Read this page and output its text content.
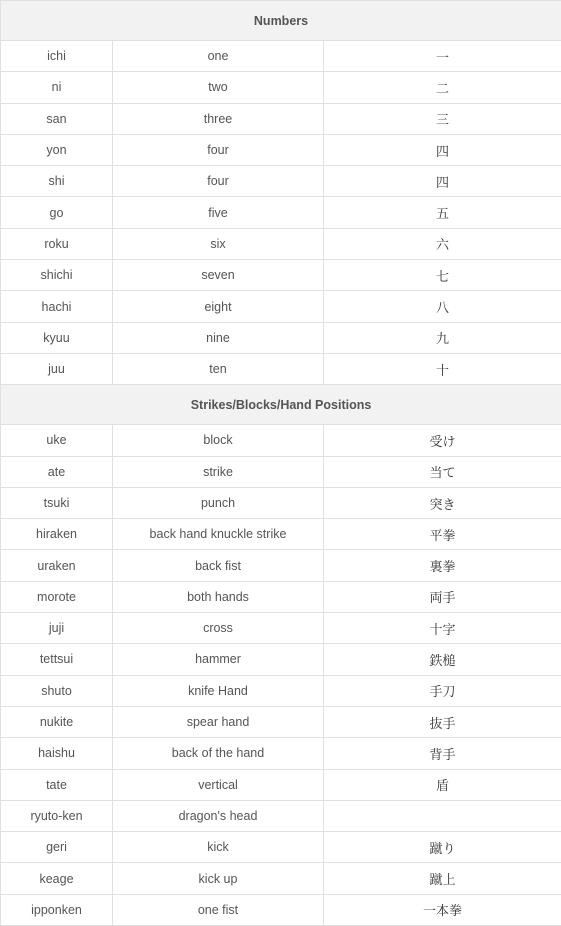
Numbers		
ichi	one	一
ni	two	二
san	three	三
yon	four	四
shi	four	四
go	five	五
roku	six	六
shichi	seven	七
hachi	eight	八
kyuu	nine	九
juu	ten	十
Strikes/Blocks/Hand Positions		
uke	block	受け
ate	strike	当て
tsuki	punch	突き
hiraken	back hand knuckle strike	平拳
uraken	back fist	裏拳
morote	both hands	両手
juji	cross	十字
tettsui	hammer	鉄槌
shuto	knife Hand	手刀
nukite	spear hand	抜手
haishu	back of the hand	背手
tate	vertical	盾
ryuto-ken	dragon's head	
geri	kick	蹴り
keage	kick up	蹴上
ipponken	one fist	一本拳
